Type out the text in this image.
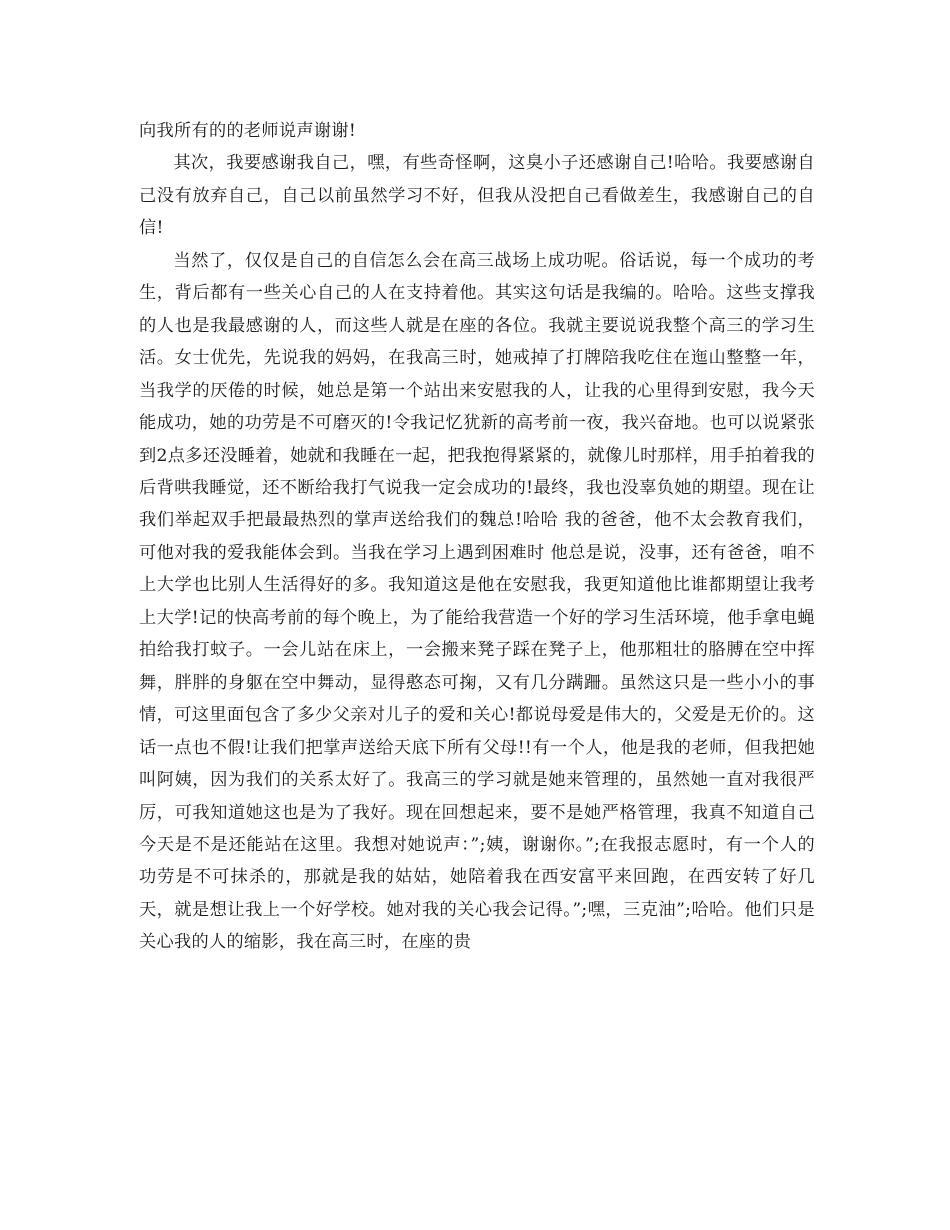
向我所有的的老师说声谢谢!

其次，我要感谢我自己，嘿，有些奇怪啊，这臭小子还感谢自己!哈哈。我要感谢自己没有放弃自己，自己以前虽然学习不好，但我从没把自己看做差生，我感谢自己的自信!

当然了，仅仅是自己的自信怎么会在高三战场上成功呢。俗话说，每一个成功的考生，背后都有一些关心自己的人在支持着他。其实这句话是我编的。哈哈。这些支撑我的人也是我最感谢的人，而这些人就是在座的各位。我就主要说说我整个高三的学习生活。女士优先，先说我的妈妈，在我高三时，她戒掉了打牌陪我吃住在迤山整整一年，当我学的厌倦的时候，她总是第一个站出来安慰我的人，让我的心里得到安慰，我今天能成功，她的功劳是不可磨灭的!令我记忆犹新的高考前一夜，我兴奋地。也可以说紧张到2点多还没睡着，她就和我睡在一起，把我抱得紧紧的，就像儿时那样，用手拍着我的后背哄我睡觉，还不断给我打气说我一定会成功的!最终，我也没辜负她的期望。现在让我们举起双手把最最热烈的掌声送给我们的魏总!哈哈 我的爸爸，他不太会教育我们，可他对我的爱我能体会到。当我在学习上遇到困难时 他总是说，没事，还有爸爸，咱不上大学也比别人生活得好的多。我知道这是他在安慰我，我更知道他比谁都期望让我考上大学!记的快高考前的每个晚上，为了能给我营造一个好的学习生活环境，他手拿电蝇拍给我打蚊子。一会儿站在床上，一会搬来凳子踩在凳子上，他那粗壮的胳膊在空中挥舞，胖胖的身躯在空中舞动，显得憨态可掬，又有几分蹒跚。虽然这只是一些小小的事情，可这里面包含了多少父亲对儿子的爱和关心!都说母爱是伟大的，父爱是无价的。这话一点也不假!让我们把掌声送给天底下所有父母!!有一个人，他是我的老师，但我把她叫阿姨，因为我们的关系太好了。我高三的学习就是她来管理的，虽然她一直对我很严厉，可我知道她这也是为了我好。现在回想起来，要不是她严格管理，我真不知道自己今天是不是还能站在这里。我想对她说声：”;姨，谢谢你。”;在我报志愿时，有一个人的功劳是不可抹杀的，那就是我的姑姑，她陪着我在西安富平来回跑，在西安转了好几天，就是想让我上一个好学校。她对我的关心我会记得。”;嘿，三克油”;哈哈。他们只是关心我的人的缩影，我在高三时，在座的贵
